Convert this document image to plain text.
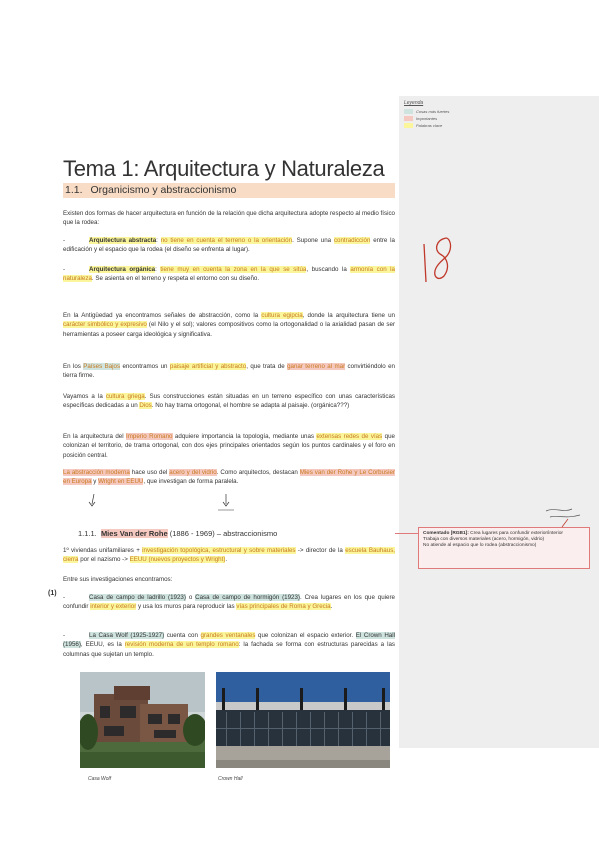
Leyenda
Cosas más fuertes
Importantes
Palabras clave
Tema 1: Arquitectura y Naturaleza
1.1. Organicismo y abstraccionismo
Existen dos formas de hacer arquitectura en función de la relación que dicha arquitectura adopte respecto al medio físico que la rodea:
-	Arquitectura abstracta: no tiene en cuenta el terreno o la orientación. Supone una contradicción entre la edificación y el espacio que la rodea (el diseño se enfrenta al lugar).
-	Arquitectura orgánica: tiene muy en cuenta la zona en la que se sitúa, buscando la armonía con la naturaleza. Se asienta en el terreno y respeta el entorno con su diseño.
En la Antigüedad ya encontramos señales de abstracción, como la cultura egipcia, donde la arquitectura tiene un carácter simbólico y expresivo (el Nilo y el sol); valores compositivos como la ortogonalidad o la axialidad pasan de ser herramientas a poseer carga ideológica y significativa.
En los Países Bajos encontramos un paisaje artificial y abstracto, que trata de ganar terreno al mar convirtiéndolo en tierra firme.
Vayamos a la cultura griega. Sus construcciones están situadas en un terreno específico con unas características específicas dedicadas a un Dios. No hay trama ortogonal, el hombre se adapta al paisaje. (orgánica???)
En la arquitectura del Imperio Romano adquiere importancia la topología, mediante unas extensas redes de vías que colonizan el territorio, de trama ortogonal, con dos ejes principales orientados según los puntos cardinales y el foro en posición central.
La abstracción moderna hace uso del acero y del vidrio. Como arquitectos, destacan Mies van der Rohe y Le Corbusier en Europa y Wright en EEUU, que investigan de forma paralela.
1.1.1. Mies Van der Rohe (1886 - 1969) – abstraccionismo
1º viviendas unifamiliares + investigación topológica, estructural y sobre materiales -> director de la escuela Bauhaus, cierra por el nazismo -> EEUU (nuevos proyectos y Wright).
Entre sus investigaciones encontramos:
(1)
-	Casa de campo de ladrillo (1923) o Casa de campo de hormigón (1923). Crea lugares en los que quiere confundir interior y exterior y usa los muros para reproducir las vías principales de Roma y Grecia.
-	La Casa Wolf (1925-1927) cuenta con grandes ventanales que colonizan el espacio exterior. El Crown Hall (1956), EEUU, es la revisión moderna de un templo romano: la fachada se forma con estructuras parecidas a las columnas que sujetan un templo.
Comentado [RGB1]: Crea lugares para confundir exterior/interior
Trabaja con diversos materiales (acero, hormigón, vidrio)
No atiende al espacio que lo rodea (abstraccionismo)
Casa Wolf	Crown Hall
